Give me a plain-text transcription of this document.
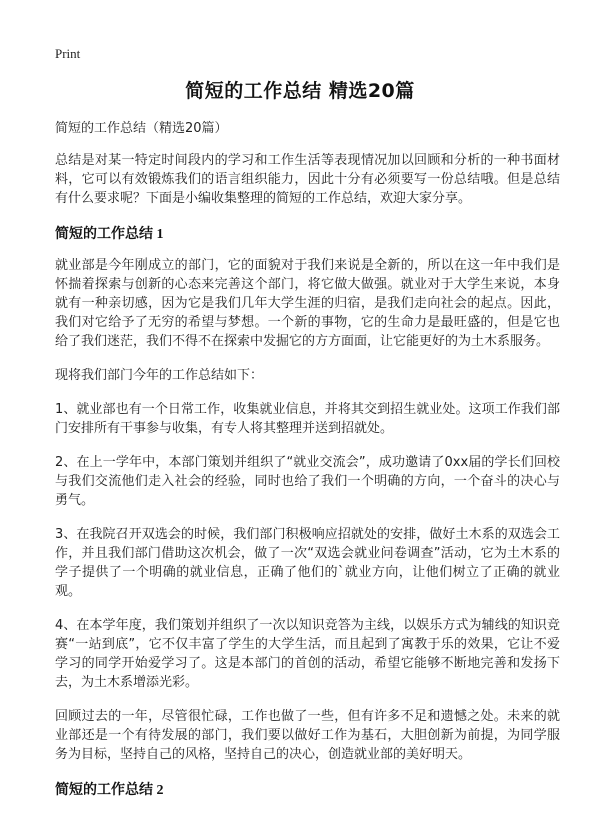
Print
简短的工作总结 精选20篇

简短的工作总结（精选20篇）

总结是对某一特定时间段内的学习和工作生活等表现情况加以回顾和分析的一种书面材料，它可以有效锻炼我们的语言组织能力，因此十分有必须要写一份总结哦。但是总结有什么要求呢？下面是小编收集整理的简短的工作总结，欢迎大家分享。

简短的工作总结 1

就业部是今年刚成立的部门，它的面貌对于我们来说是全新的，所以在这一年中我们是怀揣着探索与创新的心态来完善这个部门，将它做大做强。就业对于大学生来说，本身就有一种亲切感，因为它是我们几年大学生涯的归宿，是我们走向社会的起点。因此，我们对它给予了无穷的希望与梦想。一个新的事物，它的生命力是最旺盛的，但是它也给了我们迷茫，我们不得不在探索中发掘它的方方面面，让它能更好的为土木系服务。

现将我们部门今年的工作总结如下：

1、就业部也有一个日常工作，收集就业信息，并将其交到招生就业处。这项工作我们部门安排所有干事参与收集，有专人将其整理并送到招就处。

2、在上一学年中，本部门策划并组织了“就业交流会”，成功邀请了0xx届的学长们回校与我们交流他们走入社会的经验，同时也给了我们一个明确的方向，一个奋斗的决心与勇气。

3、在我院召开双选会的时候，我们部门积极响应招就处的安排，做好土木系的双选会工作，并且我们部门借助这次机会，做了一次“双选会就业问卷调查”活动，它为土木系的学子提供了一个明确的就业信息，正确了他们的`就业方向，让他们树立了正确的就业观。

4、在本学年度，我们策划并组织了一次以知识竞答为主线，以娱乐方式为辅线的知识竞赛“一站到底”，它不仅丰富了学生的大学生活，而且起到了寓教于乐的效果，它让不爱学习的同学开始爱学习了。这是本部门的首创的活动，希望它能够不断地完善和发扬下去，为土木系增添光彩。

回顾过去的一年，尽管很忙碌，工作也做了一些，但有许多不足和遗憾之处。未来的就业部还是一个有待发展的部门，我们要以做好工作为基石，大胆创新为前提，为同学服务为目标，坚持自己的风格，坚持自己的决心，创造就业部的美好明天。

简短的工作总结 2
